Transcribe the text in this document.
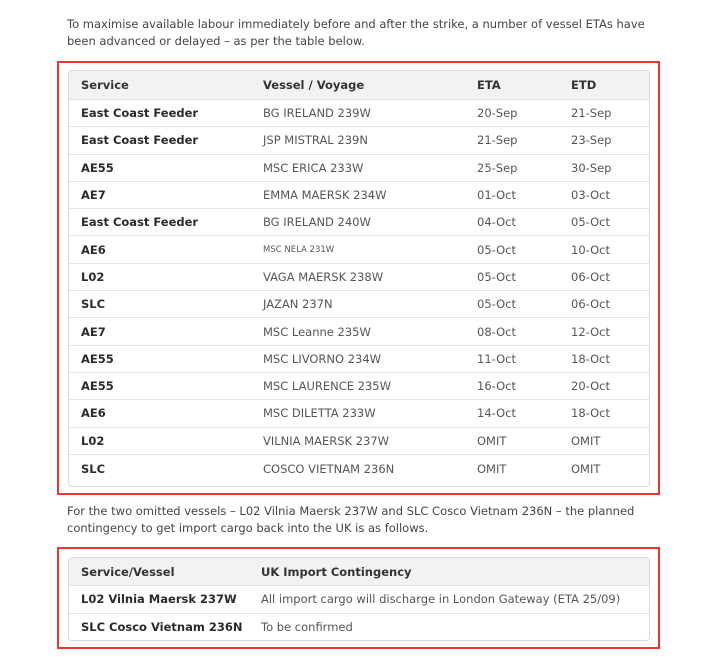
To maximise available labour immediately before and after the strike, a number of vessel ETAs have been advanced or delayed – as per the table below.

Service	Vessel / Voyage	ETA	ETD
East Coast Feeder	BG IRELAND 239W	20-Sep	21-Sep
East Coast Feeder	JSP MISTRAL 239N	21-Sep	23-Sep
AE55	MSC ERICA 233W	25-Sep	30-Sep
AE7	EMMA MAERSK 234W	01-Oct	03-Oct
East Coast Feeder	BG IRELAND 240W	04-Oct	05-Oct
AE6	MSC NELA 231W	05-Oct	10-Oct
L02	VAGA MAERSK 238W	05-Oct	06-Oct
SLC	JAZAN 237N	05-Oct	06-Oct
AE7	MSC Leanne 235W	08-Oct	12-Oct
AE55	MSC LIVORNO 234W	11-Oct	18-Oct
AE55	MSC LAURENCE 235W	16-Oct	20-Oct
AE6	MSC DILETTA 233W	14-Oct	18-Oct
L02	VILNIA MAERSK 237W	OMIT	OMIT
SLC	COSCO VIETNAM 236N	OMIT	OMIT

For the two omitted vessels – L02 Vilnia Maersk 237W and SLC Cosco Vietnam 236N – the planned contingency to get import cargo back into the UK is as follows.

Service/Vessel	UK Import Contingency
L02 Vilnia Maersk 237W	All import cargo will discharge in London Gateway (ETA 25/09)
SLC Cosco Vietnam 236N	To be confirmed
